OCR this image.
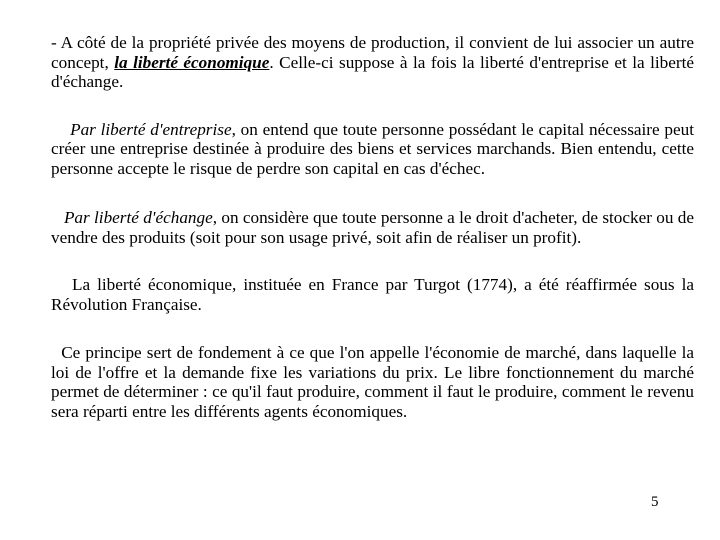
- A côté de la propriété privée des moyens de production, il convient de lui associer un autre concept, la liberté économique. Celle-ci suppose à la fois la liberté d'entreprise et la liberté d'échange.

Par liberté d'entreprise, on entend que toute personne possédant le capital nécessaire peut créer une entreprise destinée à produire des biens et services marchands. Bien entendu, cette personne accepte le risque de perdre son capital en cas d'échec.

Par liberté d'échange, on considère que toute personne a le droit d'acheter, de stocker ou de vendre des produits (soit pour son usage privé, soit afin de réaliser un profit).

La liberté économique, instituée en France par Turgot (1774), a été réaffirmée sous la Révolution Française.

Ce principe sert de fondement à ce que l'on appelle l'économie de marché, dans laquelle la loi de l'offre et la demande fixe les variations du prix. Le libre fonctionnement du marché permet de déterminer : ce qu'il faut produire, comment il faut le produire, comment le revenu sera réparti entre les différents agents économiques.

5
